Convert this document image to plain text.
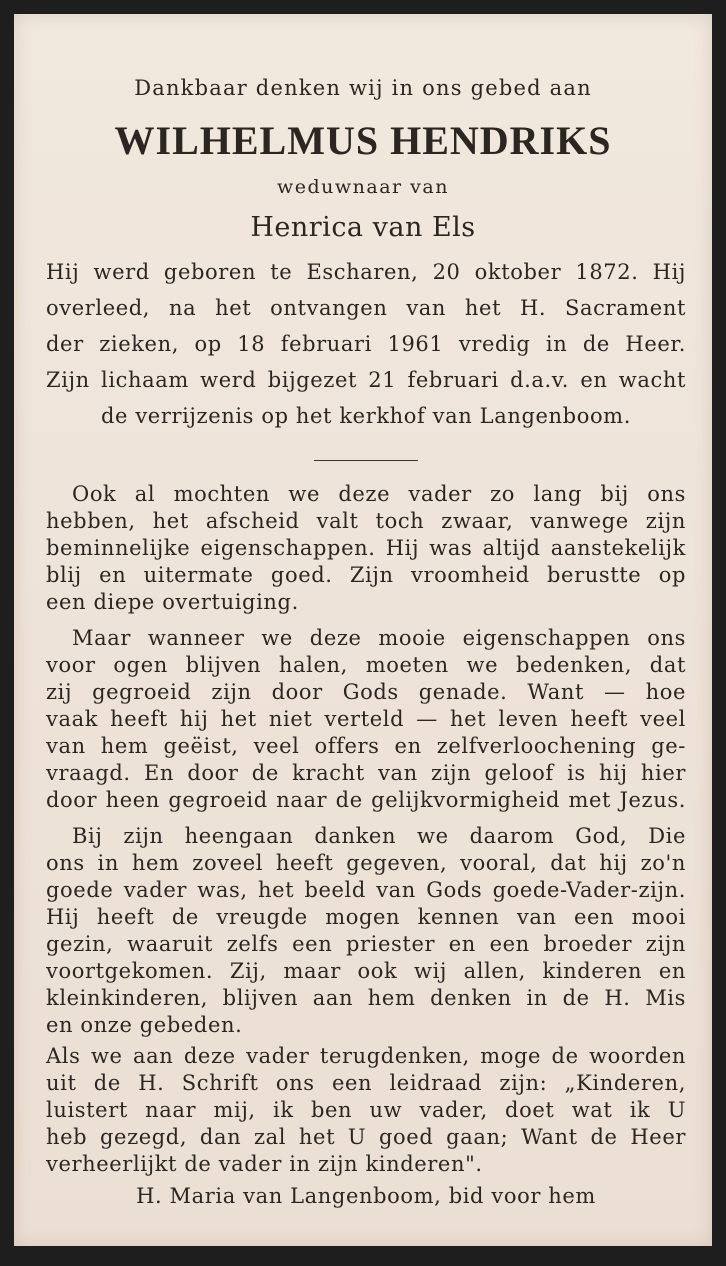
Dankbaar denken wij in ons gebed aan
WILHELMUS HENDRIKS
weduwnaar van
Henrica van Els
Hij werd geboren te Escharen, 20 oktober 1872. Hij
overleed, na het ontvangen van het H. Sacrament
der zieken, op 18 februari 1961 vredig in de Heer.
Zijn lichaam werd bijgezet 21 februari d.a.v. en wacht
de verrijzenis op het kerkhof van Langenboom.
Ook al mochten we deze vader zo lang bij ons
hebben, het afscheid valt toch zwaar, vanwege zijn
beminnelijke eigenschappen. Hij was altijd aanstekelijk
blij en uitermate goed. Zijn vroomheid berustte op
een diepe overtuiging.
Maar wanneer we deze mooie eigenschappen ons
voor ogen blijven halen, moeten we bedenken, dat
zij gegroeid zijn door Gods genade. Want — hoe
vaak heeft hij het niet verteld — het leven heeft veel
van hem geëist, veel offers en zelfverloochening ge-
vraagd. En door de kracht van zijn geloof is hij hier
door heen gegroeid naar de gelijkvormigheid met Jezus.
Bij zijn heengaan danken we daarom God, Die
ons in hem zoveel heeft gegeven, vooral, dat hij zo'n
goede vader was, het beeld van Gods goede-Vader-zijn.
Hij heeft de vreugde mogen kennen van een mooi
gezin, waaruit zelfs een priester en een broeder zijn
voortgekomen. Zij, maar ook wij allen, kinderen en
kleinkinderen, blijven aan hem denken in de H. Mis
en onze gebeden.
Als we aan deze vader terugdenken, moge de woorden
uit de H. Schrift ons een leidraad zijn: „Kinderen,
luistert naar mij, ik ben uw vader, doet wat ik U
heb gezegd, dan zal het U goed gaan; Want de Heer
verheerlijkt de vader in zijn kinderen".
H. Maria van Langenboom, bid voor hem
